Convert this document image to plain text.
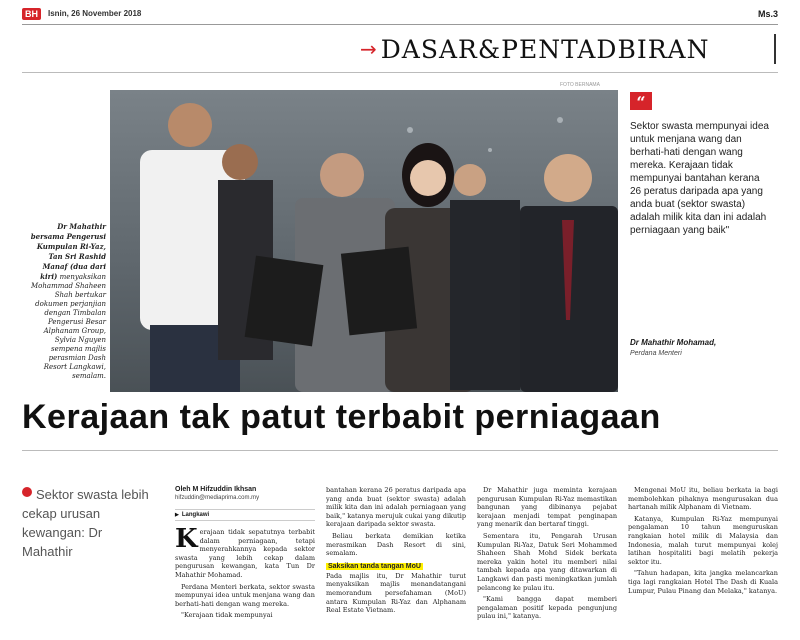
BH	Isnin, 26 November 2018	Ms.3
→ DASAR&PENTADBIRAN
FOTO BERNAMA
Dr Mahathir bersama Pengerusi Kumpulan Ri-Yaz, Tan Sri Rashid Manaf (dua dari kiri) menyaksikan Mohammad Shaheen Shah bertukar dokumen perjanjian dengan Timbalan Pengerusi Besar Alphanam Group, Sylvia Nguyen sempena majlis perasmian Dash Resort Langkawi, semalam.
“
Sektor swasta mempunyai idea untuk menjana wang dan berhati-hati dengan wang mereka. Kerajaan tidak mempunyai bantahan kerana 26 peratus daripada apa yang anda buat (sektor swasta) adalah milik kita dan ini adalah perniagaan yang baik"
Dr Mahathir Mohamad,
Perdana Menteri
Kerajaan tak patut terbabit perniagaan
Sektor swasta lebih cekap urusan kewangan: Dr Mahathir
Oleh M Hifzuddin Ikhsan
hifzuddin@mediaprima.com.my
▶ Langkawi

Kerajaan tidak sepatutnya terbabit dalam perniagaan, tetapi menyerahkannya kepada sektor swasta yang lebih cekap dalam pengurusan kewangan, kata Tun Dr Mahathir Mohamad.

Perdana Menteri berkata, sektor swasta mempunyai idea untuk menjana wang dan berhati-hati dengan wang mereka.

"Kerajaan tidak mempunyai

bantahan kerana 26 peratus daripada apa yang anda buat (sektor swasta) adalah milik kita dan ini adalah perniagaan yang baik," katanya merujuk cukai yang dikutip kerajaan daripada sektor swasta.

Beliau berkata demikian ketika merasmikan Dash Resort di sini, semalam.

Saksikan tanda tangan MoU

Pada majlis itu, Dr Mahathir turut menyaksikan majlis menandatangani memorandum persefahaman (MoU) antara Kumpulan Ri-Yaz dan Alphanam Real Estate Vietnam.

Dr Mahathir juga meminta kerajaan pengurusan Kumpulan Ri-Yaz memastikan bangunan yang dibinanya pejabat kerajaan menjadi tempat penginapan yang menarik dan bertaraf tinggi.

Sementara itu, Pengarah Urusan Kumpulan Ri-Yaz, Datuk Seri Mohammed Shaheen Shah Mohd Sidek berkata mereka yakin hotel itu memberi nilai tambah kepada apa yang ditawarkan di Langkawi dan pasti meningkatkan jumlah pelancong ke pulau itu.

"Kami bangga dapat memberi pengalaman positif kepada pengunjung pulau ini," katanya.

Mengenai MoU itu, beliau berkata ia bagi membolehkan pihaknya mengurusakan dua hartanah milik Alphanam di Vietnam.

Katanya, Kumpulan Ri-Yaz mempunyai pengalaman 10 tahun menguruskan rangkaian hotel milik di Malaysia dan Indonesia, malah turut mempunyai kolej latihan hospitaliti bagi melatih pekerja sektor itu.

"Tahun hadapan, kita jangka melancarkan tiga lagi rangkaian Hotel The Dash di Kuala Lumpur, Pulau Pinang dan Melaka," katanya.
